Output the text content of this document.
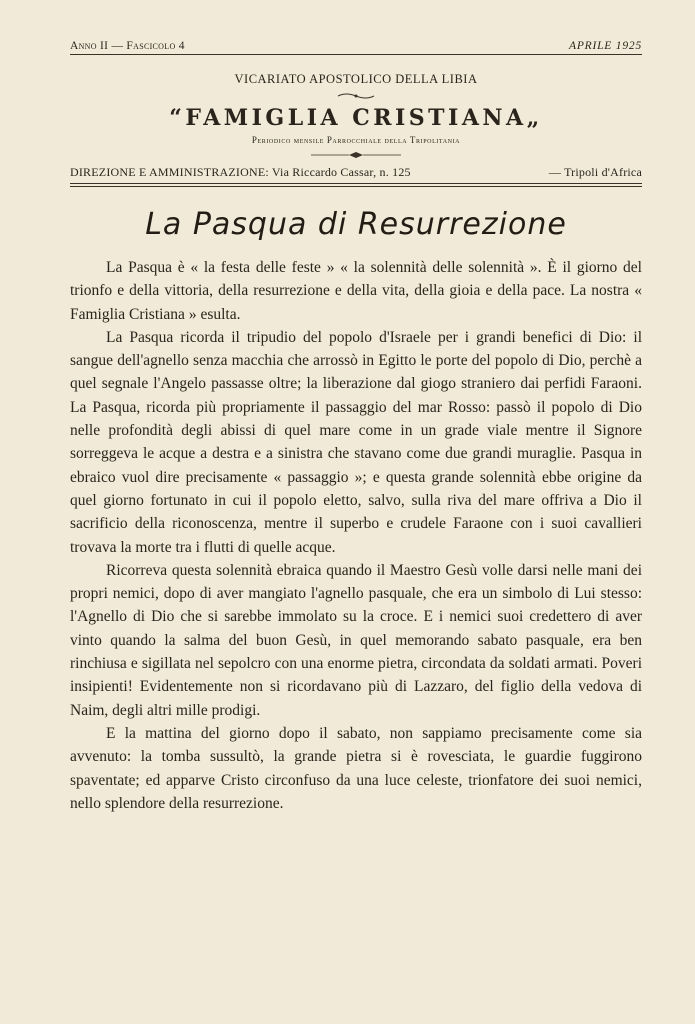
Anno II — Fascicolo 4	APRILE 1925
VICARIATO APOSTOLICO DELLA LIBIA
“FAMIGLIA CRISTIANA„
Periodico mensile Parrocchiale della Tripolitania
DIREZIONE E AMMINISTRAZIONE: Via Riccardo Cassar, n. 125	— Tripoli d'Africa
La Pasqua di Resurrezione

La Pasqua è « la festa delle feste » « la solennità delle solennità ». È il giorno del trionfo e della vittoria, della resurrezione e della vita, della gioia e della pace. La nostra « Famiglia Cristiana » esulta.

La Pasqua ricorda il tripudio del popolo d'Israele per i grandi benefici di Dio: il sangue dell'agnello senza macchia che arrossò in Egitto le porte del popolo di Dio, perchè a quel segnale l'Angelo passasse oltre; la liberazione dal giogo straniero dai perfidi Faraoni. La Pasqua, ricorda più propriamente il passaggio del mar Rosso: passò il popolo di Dio nelle profondità degli abissi di quel mare come in un grade viale mentre il Signore sorreggeva le acque a destra e a sinistra che stavano come due grandi muraglie. Pasqua in ebraico vuol dire precisamente « passaggio »; e questa grande solennità ebbe origine da quel giorno fortunato in cui il popolo eletto, salvo, sulla riva del mare offriva a Dio il sacrificio della riconoscenza, mentre il superbo e crudele Faraone con i suoi cavallieri trovava la morte tra i flutti di quelle acque.

Ricorreva questa solennità ebraica quando il Maestro Gesù volle darsi nelle mani dei propri nemici, dopo di aver mangiato l'agnello pasquale, che era un simbolo di Lui stesso: l'Agnello di Dio che si sarebbe immolato su la croce. E i nemici suoi credettero di aver vinto quando la salma del buon Gesù, in quel memorando sabato pasquale, era ben rinchiusa e sigillata nel sepolcro con una enorme pietra, circondata da soldati armati. Poveri insipienti! Evidentemente non si ricordavano più di Lazzaro, del figlio della vedova di Naim, degli altri mille prodigi.

E la mattina del giorno dopo il sabato, non sappiamo precisamente come sia avvenuto: la tomba sussultò, la grande pietra si è rovesciata, le guardie fuggirono spaventate; ed apparve Cristo circonfuso da una luce celeste, trionfatore dei suoi nemici, nello splendore della resurrezione.
